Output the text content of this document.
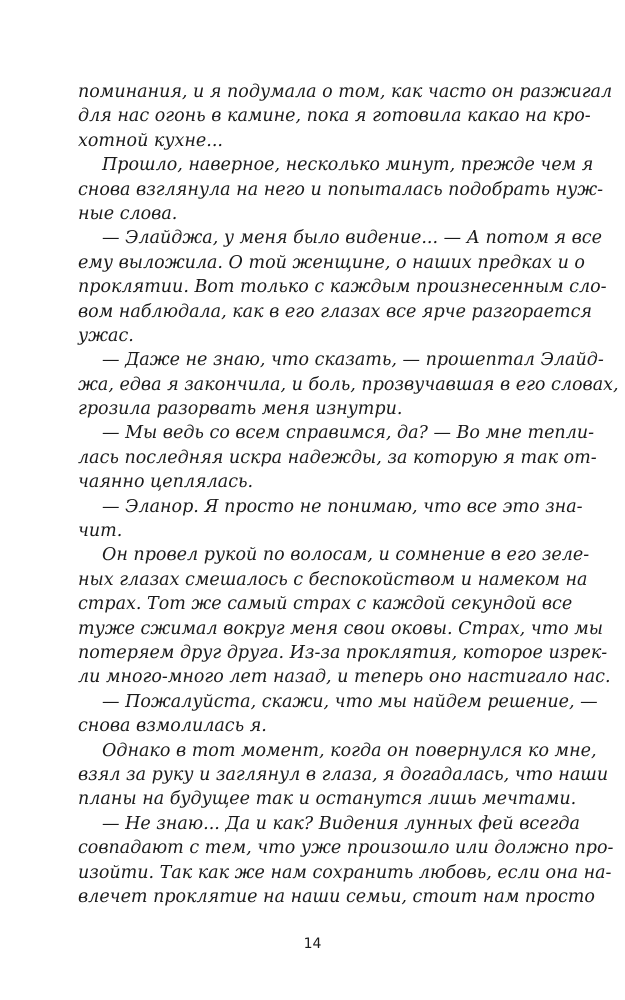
поминания, и я подумала о том, как часто он разжигал
для нас огонь в камине, пока я готовила какао на кро-
хотной кухне...
Прошло, наверное, несколько минут, прежде чем я
снова взглянула на него и попыталась подобрать нуж-
ные слова.
— Элайджа, у меня было видение... — А потом я все
ему выложила. О той женщине, о наших предках и о
проклятии. Вот только с каждым произнесенным сло-
вом наблюдала, как в его глазах все ярче разгорается
ужас.
— Даже не знаю, что сказать, — прошептал Элайд-
жа, едва я закончила, и боль, прозвучавшая в его словах,
грозила разорвать меня изнутри.
— Мы ведь со всем справимся, да? — Во мне тепли-
лась последняя искра надежды, за которую я так от-
чаянно цеплялась.
— Эланор. Я просто не понимаю, что все это зна-
чит.
Он провел рукой по волосам, и сомнение в его зеле-
ных глазах смешалось с беспокойством и намеком на
страх. Тот же самый страх с каждой секундой все
туже сжимал вокруг меня свои оковы. Страх, что мы
потеряем друг друга. Из-за проклятия, которое изрек-
ли много-много лет назад, и теперь оно настигало нас.
— Пожалуйста, скажи, что мы найдем решение, —
снова взмолилась я.
Однако в тот момент, когда он повернулся ко мне,
взял за руку и заглянул в глаза, я догадалась, что наши
планы на будущее так и останутся лишь мечтами.
— Не знаю... Да и как? Видения лунных фей всегда
совпадают с тем, что уже произошло или должно про-
изойти. Так как же нам сохранить любовь, если она на-
влечет проклятие на наши семьи, стоит нам просто
14
